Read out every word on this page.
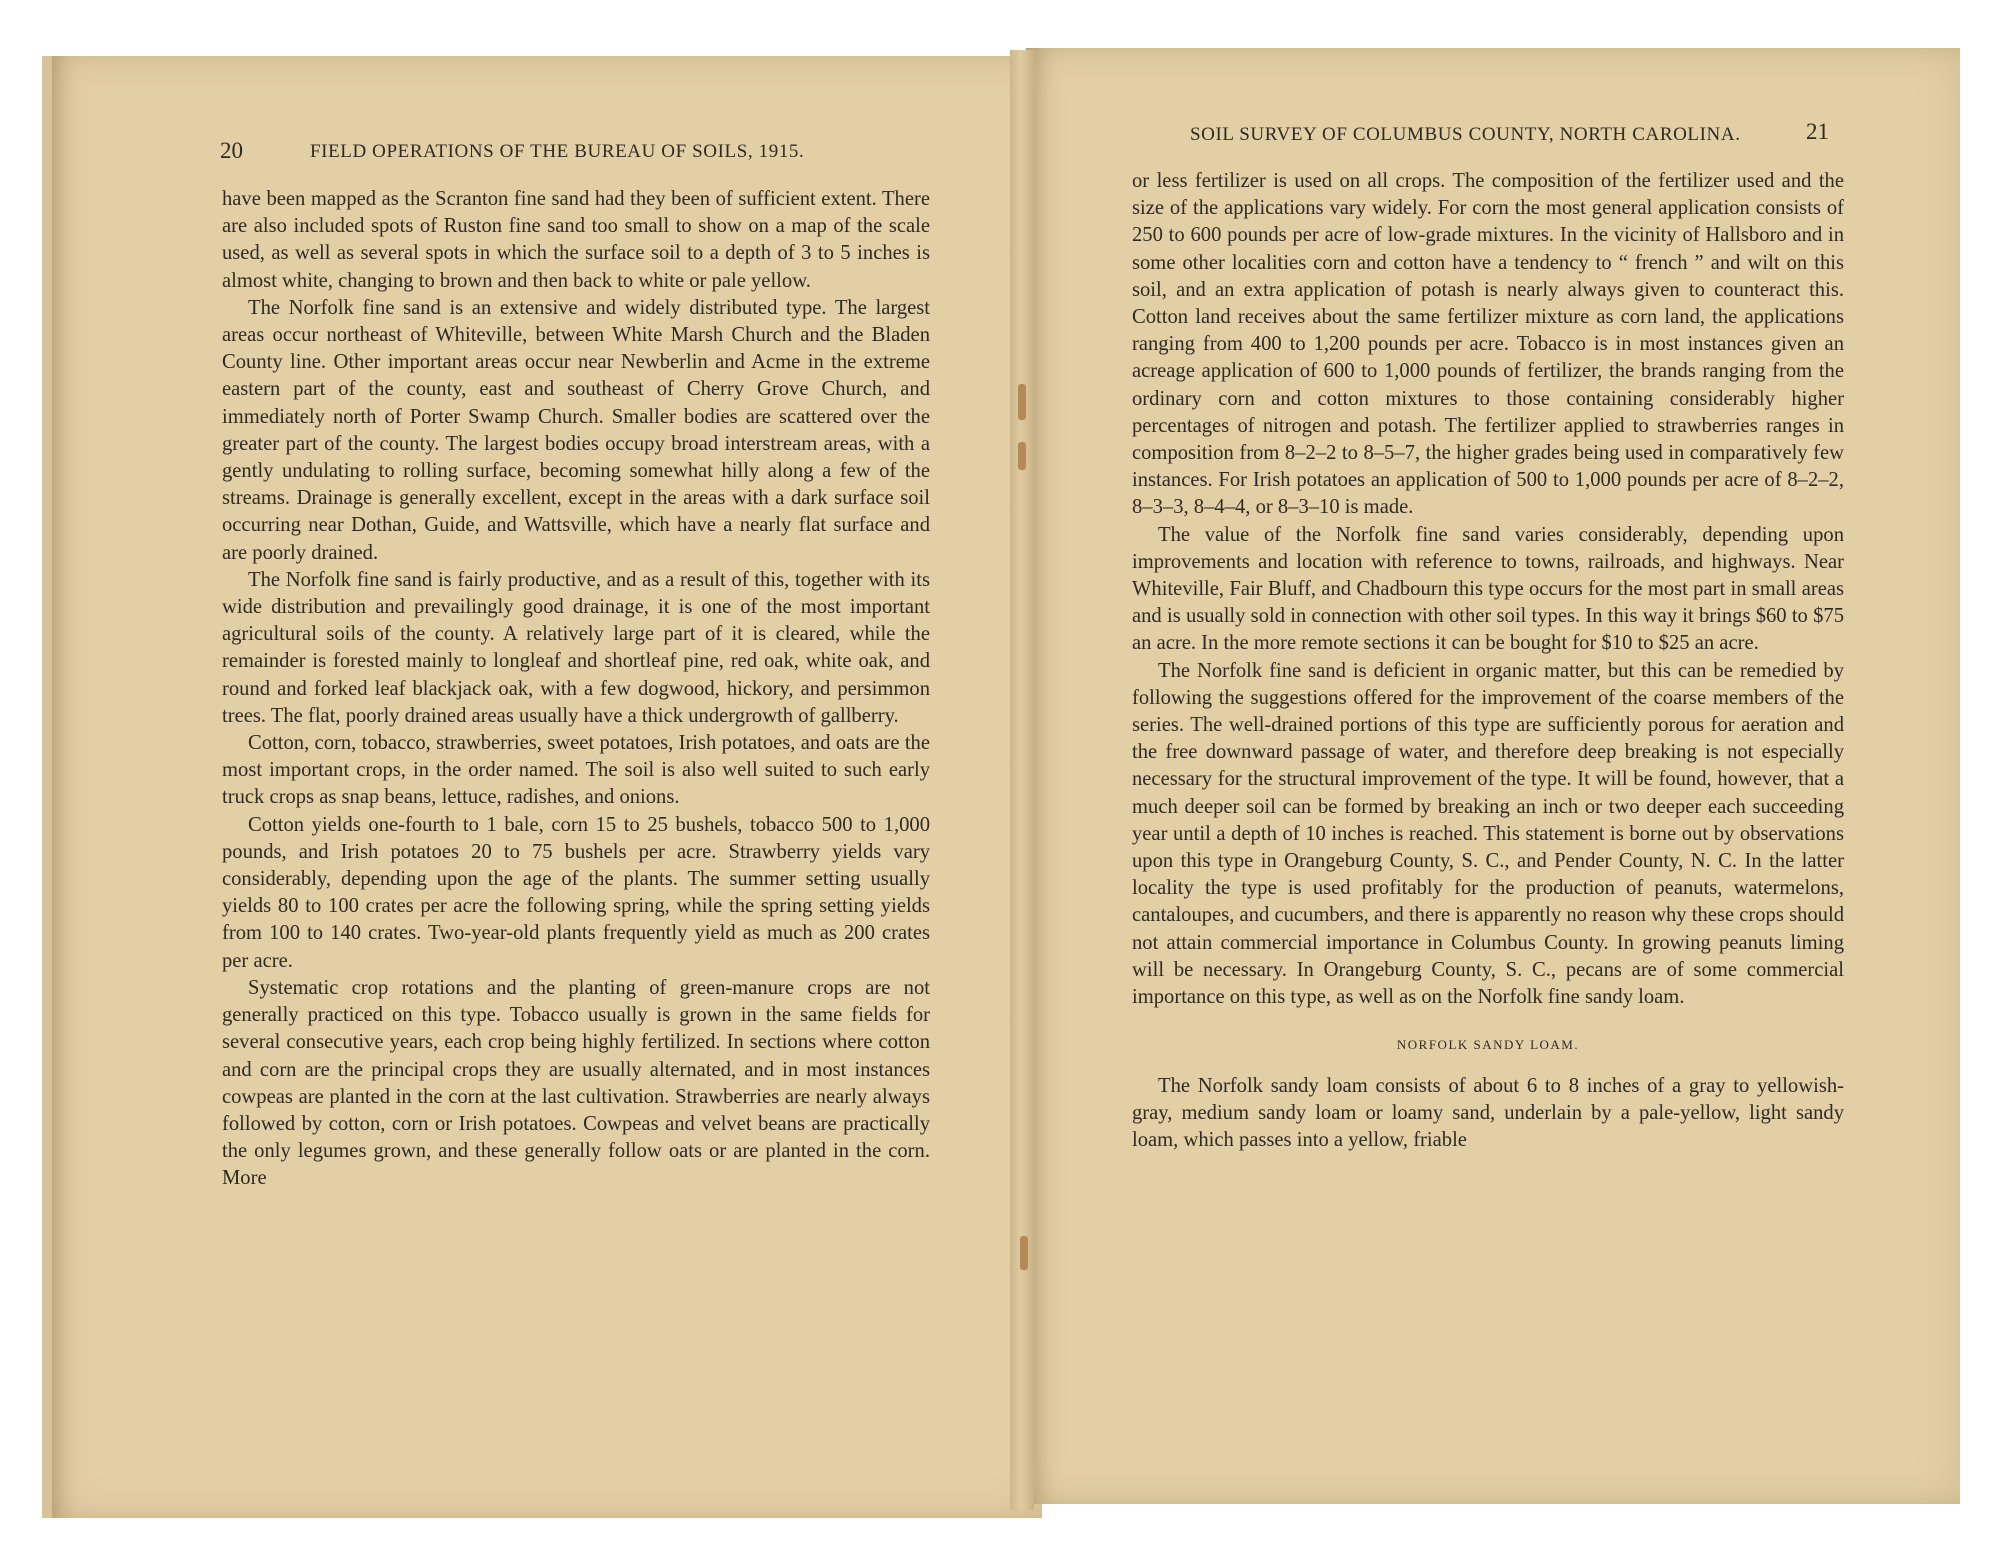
20	FIELD OPERATIONS OF THE BUREAU OF SOILS, 1915.

have been mapped as the Scranton fine sand had they been of sufficient extent. There are also included spots of Ruston fine sand too small to show on a map of the scale used, as well as several spots in which the surface soil to a depth of 3 to 5 inches is almost white, changing to brown and then back to white or pale yellow.

The Norfolk fine sand is an extensive and widely distributed type. The largest areas occur northeast of Whiteville, between White Marsh Church and the Bladen County line. Other important areas occur near Newberlin and Acme in the extreme eastern part of the county, east and southeast of Cherry Grove Church, and immediately north of Porter Swamp Church. Smaller bodies are scattered over the greater part of the county. The largest bodies occupy broad interstream areas, with a gently undulating to rolling surface, becoming somewhat hilly along a few of the streams. Drainage is generally excellent, except in the areas with a dark surface soil occurring near Dothan, Guide, and Wattsville, which have a nearly flat surface and are poorly drained.

The Norfolk fine sand is fairly productive, and as a result of this, together with its wide distribution and prevailingly good drainage, it is one of the most important agricultural soils of the county. A relatively large part of it is cleared, while the remainder is forested mainly to longleaf and shortleaf pine, red oak, white oak, and round and forked leaf blackjack oak, with a few dogwood, hickory, and persimmon trees. The flat, poorly drained areas usually have a thick undergrowth of gallberry.

Cotton, corn, tobacco, strawberries, sweet potatoes, Irish potatoes, and oats are the most important crops, in the order named. The soil is also well suited to such early truck crops as snap beans, lettuce, radishes, and onions.

Cotton yields one-fourth to 1 bale, corn 15 to 25 bushels, tobacco 500 to 1,000 pounds, and Irish potatoes 20 to 75 bushels per acre. Strawberry yields vary considerably, depending upon the age of the plants. The summer setting usually yields 80 to 100 crates per acre the following spring, while the spring setting yields from 100 to 140 crates. Two-year-old plants frequently yield as much as 200 crates per acre.

Systematic crop rotations and the planting of green-manure crops are not generally practiced on this type. Tobacco usually is grown in the same fields for several consecutive years, each crop being highly fertilized. In sections where cotton and corn are the principal crops they are usually alternated, and in most instances cowpeas are planted in the corn at the last cultivation. Strawberries are nearly always followed by cotton, corn or Irish potatoes. Cowpeas and velvet beans are practically the only legumes grown, and these generally follow oats or are planted in the corn. More

SOIL SURVEY OF COLUMBUS COUNTY, NORTH CAROLINA.	21

or less fertilizer is used on all crops. The composition of the fertilizer used and the size of the applications vary widely. For corn the most general application consists of 250 to 600 pounds per acre of low-grade mixtures. In the vicinity of Hallsboro and in some other localities corn and cotton have a tendency to “ french ” and wilt on this soil, and an extra application of potash is nearly always given to counteract this. Cotton land receives about the same fertilizer mixture as corn land, the applications ranging from 400 to 1,200 pounds per acre. Tobacco is in most instances given an acreage application of 600 to 1,000 pounds of fertilizer, the brands ranging from the ordinary corn and cotton mixtures to those containing considerably higher percentages of nitrogen and potash. The fertilizer applied to strawberries ranges in composition from 8–2–2 to 8–5–7, the higher grades being used in comparatively few instances. For Irish potatoes an application of 500 to 1,000 pounds per acre of 8–2–2, 8–3–3, 8–4–4, or 8–3–10 is made.

The value of the Norfolk fine sand varies considerably, depending upon improvements and location with reference to towns, railroads, and highways. Near Whiteville, Fair Bluff, and Chadbourn this type occurs for the most part in small areas and is usually sold in connection with other soil types. In this way it brings $60 to $75 an acre. In the more remote sections it can be bought for $10 to $25 an acre.

The Norfolk fine sand is deficient in organic matter, but this can be remedied by following the suggestions offered for the improvement of the coarse members of the series. The well-drained portions of this type are sufficiently porous for aeration and the free downward passage of water, and therefore deep breaking is not especially necessary for the structural improvement of the type. It will be found, however, that a much deeper soil can be formed by breaking an inch or two deeper each succeeding year until a depth of 10 inches is reached. This statement is borne out by observations upon this type in Orangeburg County, S. C., and Pender County, N. C. In the latter locality the type is used profitably for the production of peanuts, watermelons, cantaloupes, and cucumbers, and there is apparently no reason why these crops should not attain commercial importance in Columbus County. In growing peanuts liming will be necessary. In Orangeburg County, S. C., pecans are of some commercial importance on this type, as well as on the Norfolk fine sandy loam.

NORFOLK SANDY LOAM.

The Norfolk sandy loam consists of about 6 to 8 inches of a gray to yellowish-gray, medium sandy loam or loamy sand, underlain by a pale-yellow, light sandy loam, which passes into a yellow, friable
